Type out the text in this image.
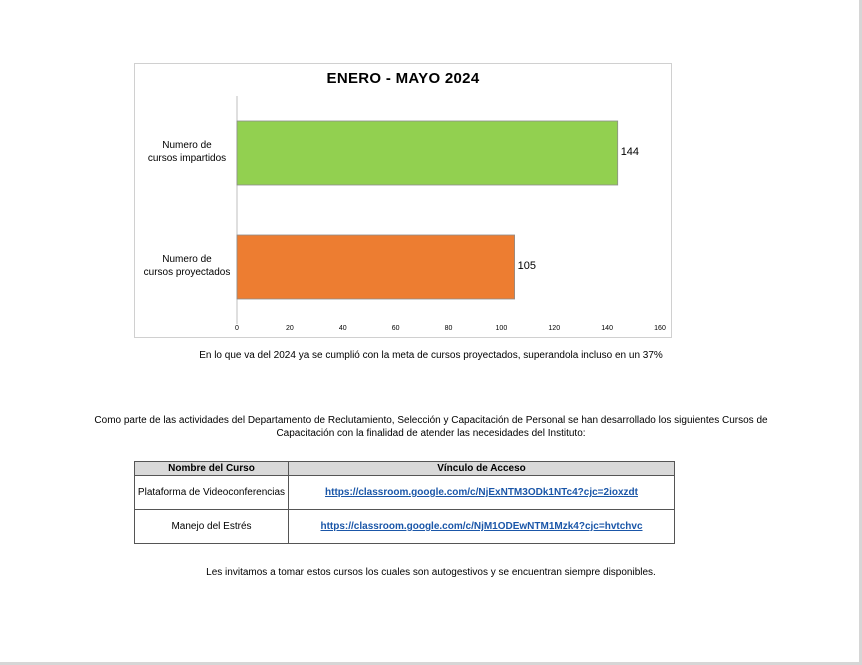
ENERO - MAYO 2024
144
Numero de
cursos impartidos
105
Numero de
cursos proyectados
0	20	40	60	80	100	120	140	160
En lo que va del 2024 ya se cumplió con la meta de cursos proyectados, superandola incluso en un 37%
Como parte de las actividades del Departamento de Reclutamiento, Selección y Capacitación de Personal se han desarrollado los siguientes Cursos de
Capacitación con la finalidad de atender las necesidades del Instituto:
Nombre del Curso	Vínculo de Acceso
Plataforma de Videoconferencias	https://classroom.google.com/c/NjExNTM3ODk1NTc4?cjc=2ioxzdt
Manejo del Estrés	https://classroom.google.com/c/NjM1ODEwNTM1Mzk4?cjc=hvtchvc
Les invitamos a tomar estos cursos los cuales son autogestivos y se encuentran siempre disponibles.
